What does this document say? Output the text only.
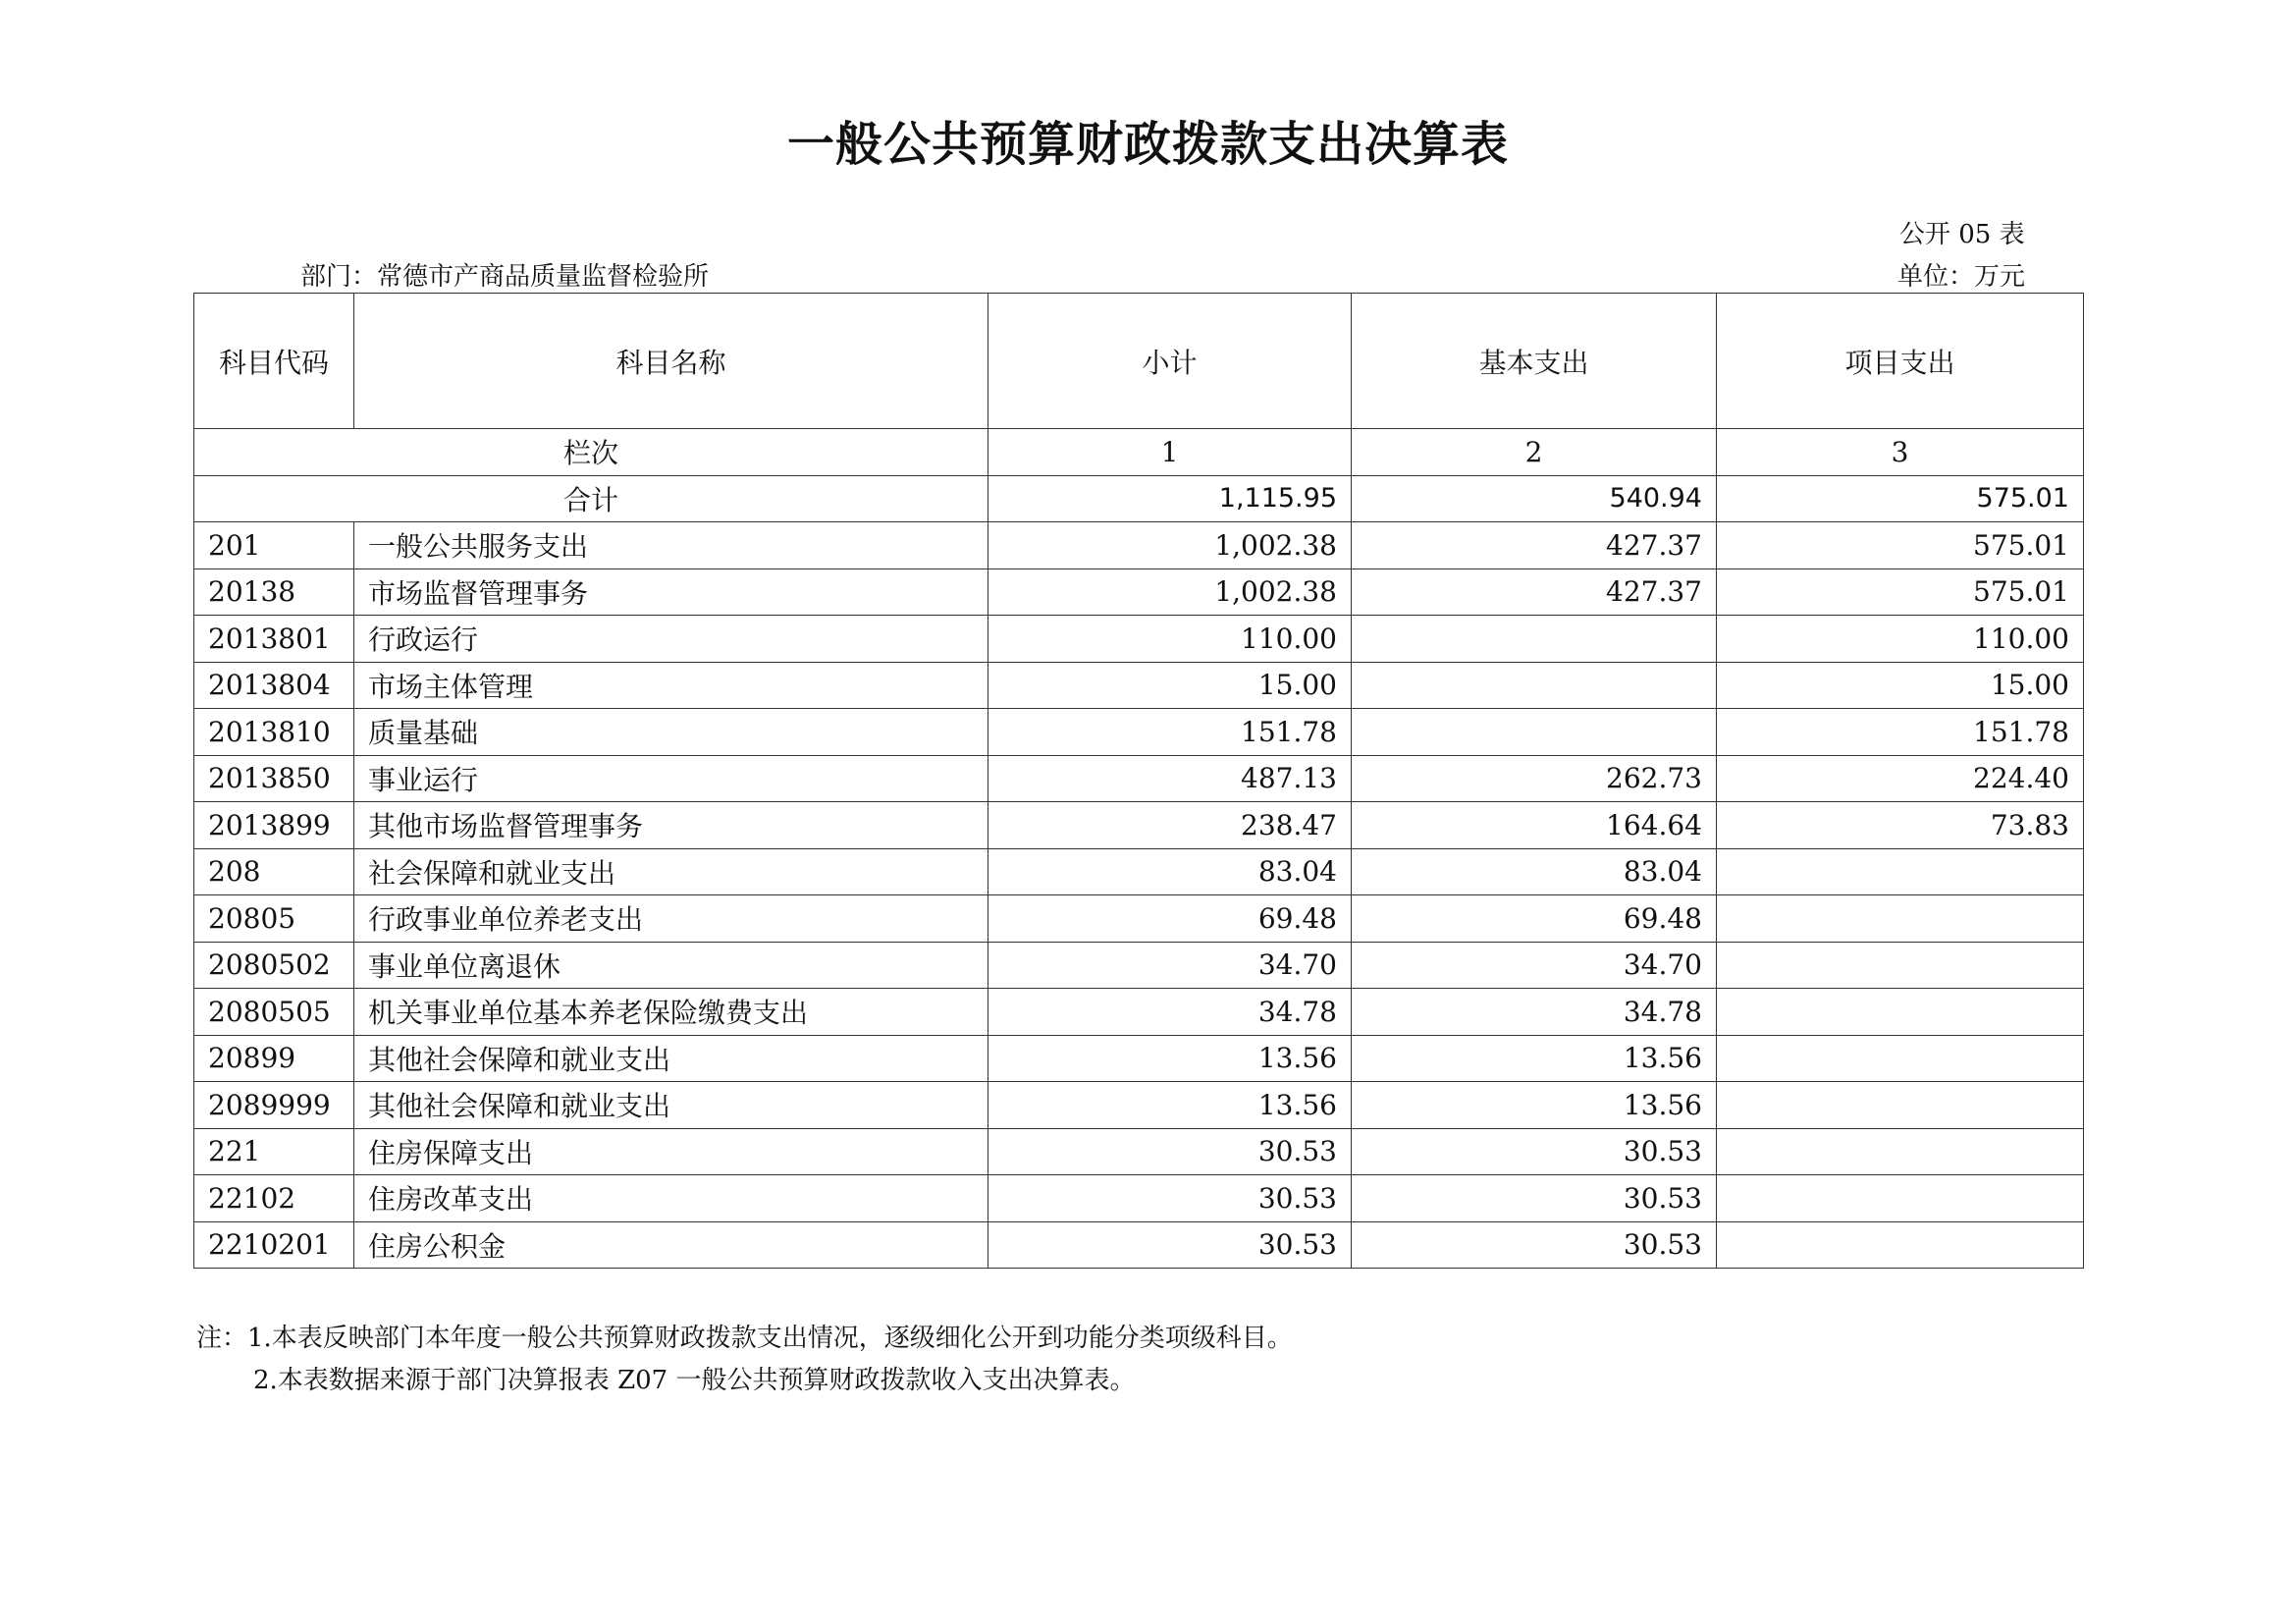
一般公共预算财政拨款支出决算表
公开 05 表
部门：常德市产商品质量监督检验所	单位：万元
科目代码	科目名称	小计	基本支出	项目支出
栏次		1	2	3
合计		1,115.95	540.94	575.01
201	一般公共服务支出	1,002.38	427.37	575.01
20138	市场监督管理事务	1,002.38	427.37	575.01
2013801	行政运行	110.00		110.00
2013804	市场主体管理	15.00		15.00
2013810	质量基础	151.78		151.78
2013850	事业运行	487.13	262.73	224.40
2013899	其他市场监督管理事务	238.47	164.64	73.83
208	社会保障和就业支出	83.04	83.04	
20805	行政事业单位养老支出	69.48	69.48	
2080502	事业单位离退休	34.70	34.70	
2080505	机关事业单位基本养老保险缴费支出	34.78	34.78	
20899	其他社会保障和就业支出	13.56	13.56	
2089999	其他社会保障和就业支出	13.56	13.56	
221	住房保障支出	30.53	30.53	
22102	住房改革支出	30.53	30.53	
2210201	住房公积金	30.53	30.53	
注：1.本表反映部门本年度一般公共预算财政拨款支出情况，逐级细化公开到功能分类项级科目。
2.本表数据来源于部门决算报表 Z07 一般公共预算财政拨款收入支出决算表。
